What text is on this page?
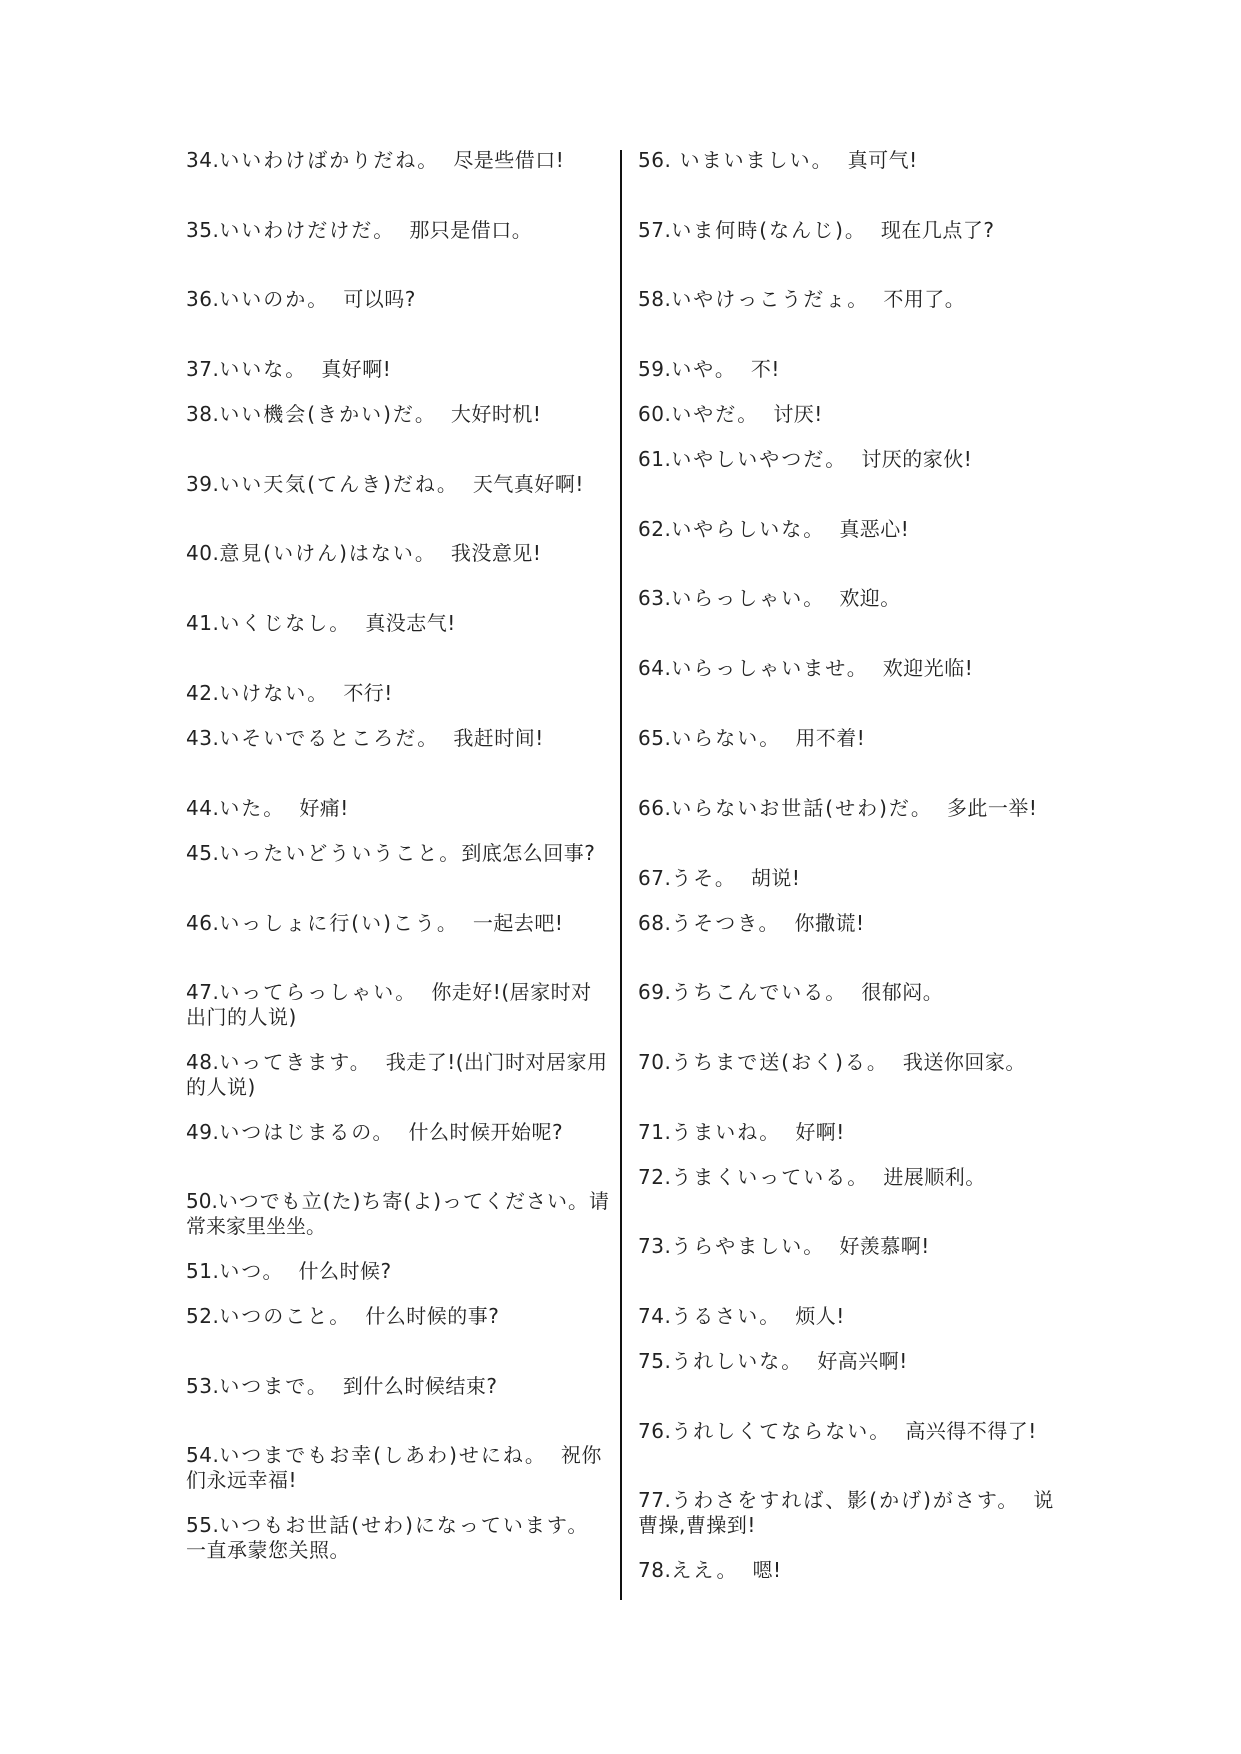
34.いいわけばかりだね。 尽是些借口!
35.いいわけだけだ。 那只是借口。
36.いいのか。 可以吗?
37.いいな。 真好啊!
38.いい機会(きかい)だ。 大好时机!
39.いい天気(てんき)だね。 天气真好啊!
40.意見(いけん)はない。 我没意见!
41.いくじなし。 真没志气!
42.いけない。 不行!
43.いそいでるところだ。 我赶时间!
44.いた。 好痛!
45.いったいどういうこと。到底怎么回事?
46.いっしょに行(い)こう。 一起去吧!
47.いってらっしゃい。 你走好!(居家时对出门的人说)
48.いってきます。 我走了!(出门时对居家用的人说)
49.いつはじまるの。 什么时候开始呢?
50.いつでも立(た)ち寄(よ)ってください。请常来家里坐坐。
51.いつ。 什么时候?
52.いつのこと。 什么时候的事?
53.いつまで。 到什么时候结束?
54.いつまでもお幸(しあわ)せにね。 祝你们永远幸福!
55.いつもお世話(せわ)になっています。一直承蒙您关照。
56. いまいましい。 真可气!
57.いま何時(なんじ)。 现在几点了?
58.いやけっこうだょ。 不用了。
59.いや。 不!
60.いやだ。 讨厌!
61.いやしいやつだ。 讨厌的家伙!
62.いやらしいな。 真恶心!
63.いらっしゃい。 欢迎。
64.いらっしゃいませ。 欢迎光临!
65.いらない。 用不着!
66.いらないお世話(せわ)だ。 多此一举!
67.うそ。 胡说!
68.うそつき。 你撒谎!
69.うちこんでいる。 很郁闷。
70.うちまで送(おく)る。 我送你回家。
71.うまいね。 好啊!
72.うまくいっている。 进展顺利。
73.うらやましい。 好羡慕啊!
74.うるさい。 烦人!
75.うれしいな。 好高兴啊!
76.うれしくてならない。 高兴得不得了!
77.うわさをすれば、影(かげ)がさす。 说曹操,曹操到!
78.ええ。 嗯!
